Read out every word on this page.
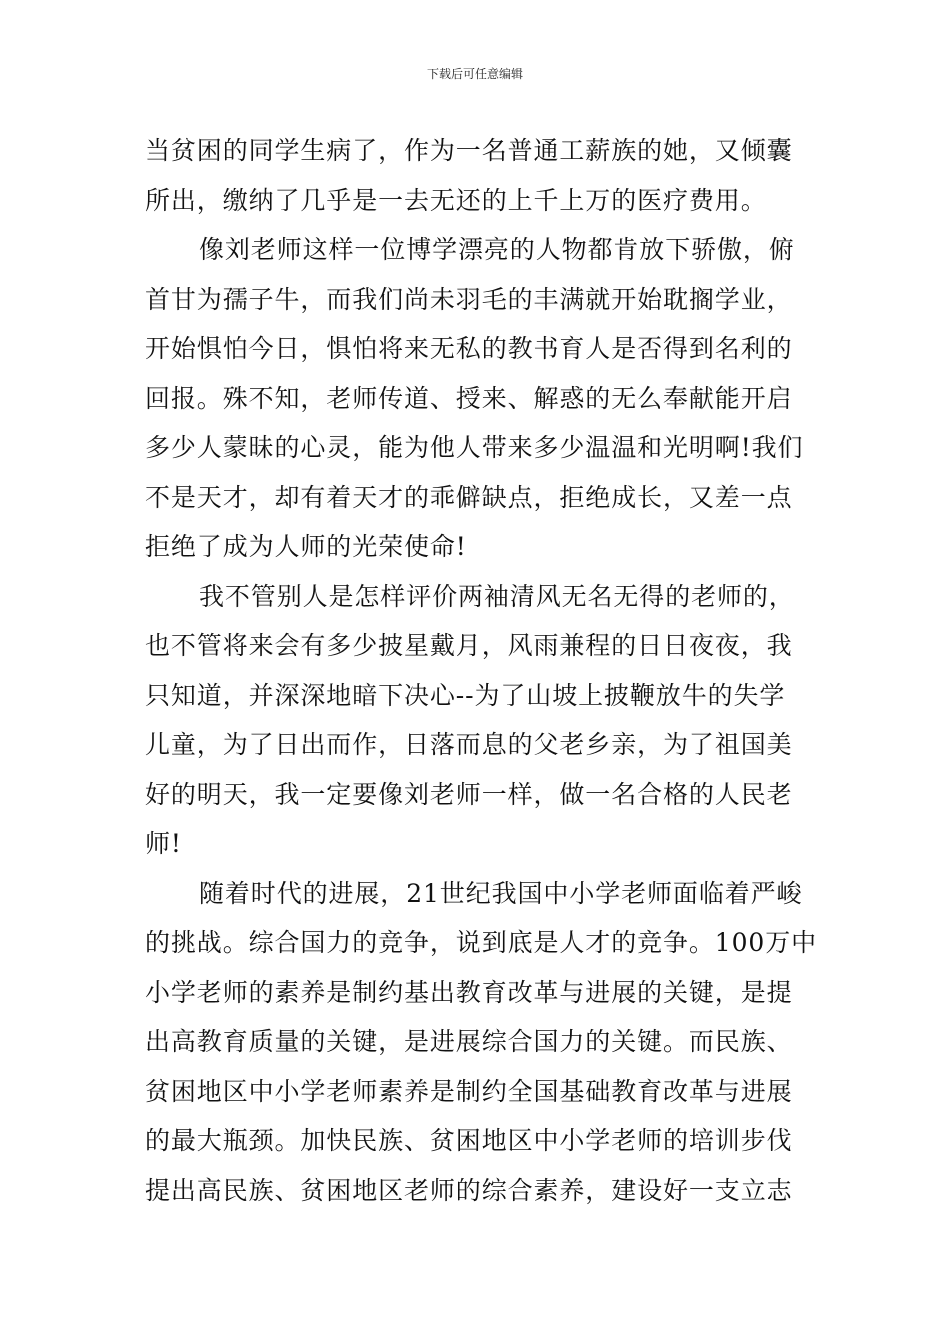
下载后可任意编辑
当贫困的同学生病了，作为一名普通工薪族的她，又倾囊
所出，缴纳了几乎是一去无还的上千上万的医疗费用。
像刘老师这样一位博学漂亮的人物都肯放下骄傲，俯
首甘为孺子牛，而我们尚未羽毛的丰满就开始耽搁学业，
开始惧怕今日，惧怕将来无私的教书育人是否得到名利的
回报。殊不知，老师传道、授来、解惑的无么奉献能开启
多少人蒙昧的心灵，能为他人带来多少温温和光明啊!我们
不是天才，却有着天才的乖僻缺点，拒绝成长，又差一点
拒绝了成为人师的光荣使命!
我不管别人是怎样评价两袖清风无名无得的老师的，
也不管将来会有多少披星戴月，风雨兼程的日日夜夜，我
只知道，并深深地暗下决心--为了山坡上披鞭放牛的失学
儿童，为了日出而作，日落而息的父老乡亲，为了祖国美
好的明天，我一定要像刘老师一样，做一名合格的人民老
师!
随着时代的进展，21世纪我国中小学老师面临着严峻
的挑战。综合国力的竞争，说到底是人才的竞争。100万中
小学老师的素养是制约基出教育改革与进展的关键，是提
出高教育质量的关键，是进展综合国力的关键。而民族、
贫困地区中小学老师素养是制约全国基础教育改革与进展
的最大瓶颈。加快民族、贫困地区中小学老师的培训步伐
提出高民族、贫困地区老师的综合素养，建设好一支立志
